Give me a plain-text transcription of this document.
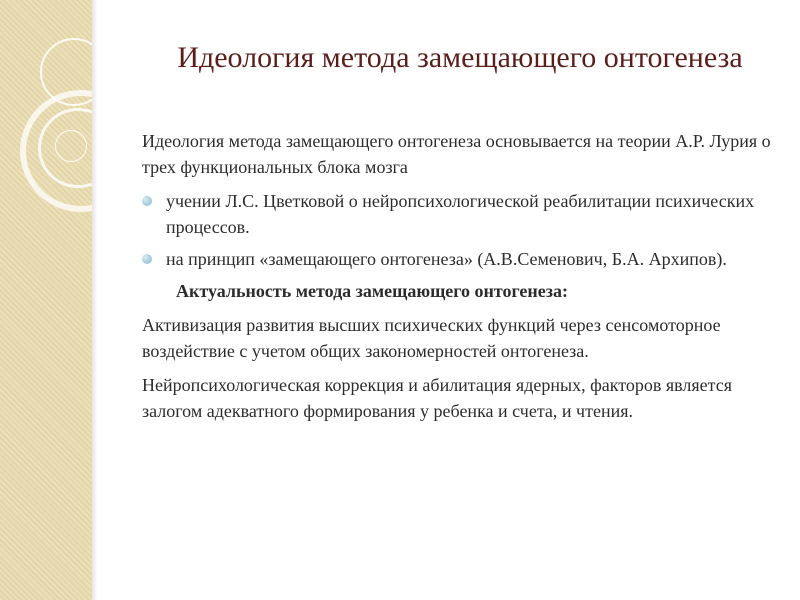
Идеология метода замещающего онтогенеза

Идеология метода замещающего онтогенеза основывается на теории А.Р. Лурия о трех функциональных блока мозга

учении Л.С. Цветковой о нейропсихологической реабилитации психических процессов.
на принцип «замещающего онтогенеза» (А.В.Семенович, Б.А. Архипов).

Актуальность метода замещающего онтогенеза:

Активизация развития высших психических функций через сенсомоторное воздействие с учетом общих закономерностей онтогенеза.

Нейропсихологическая коррекция и абилитация ядерных, факторов является залогом адекватного формирования у ребенка и счета, и чтения.
